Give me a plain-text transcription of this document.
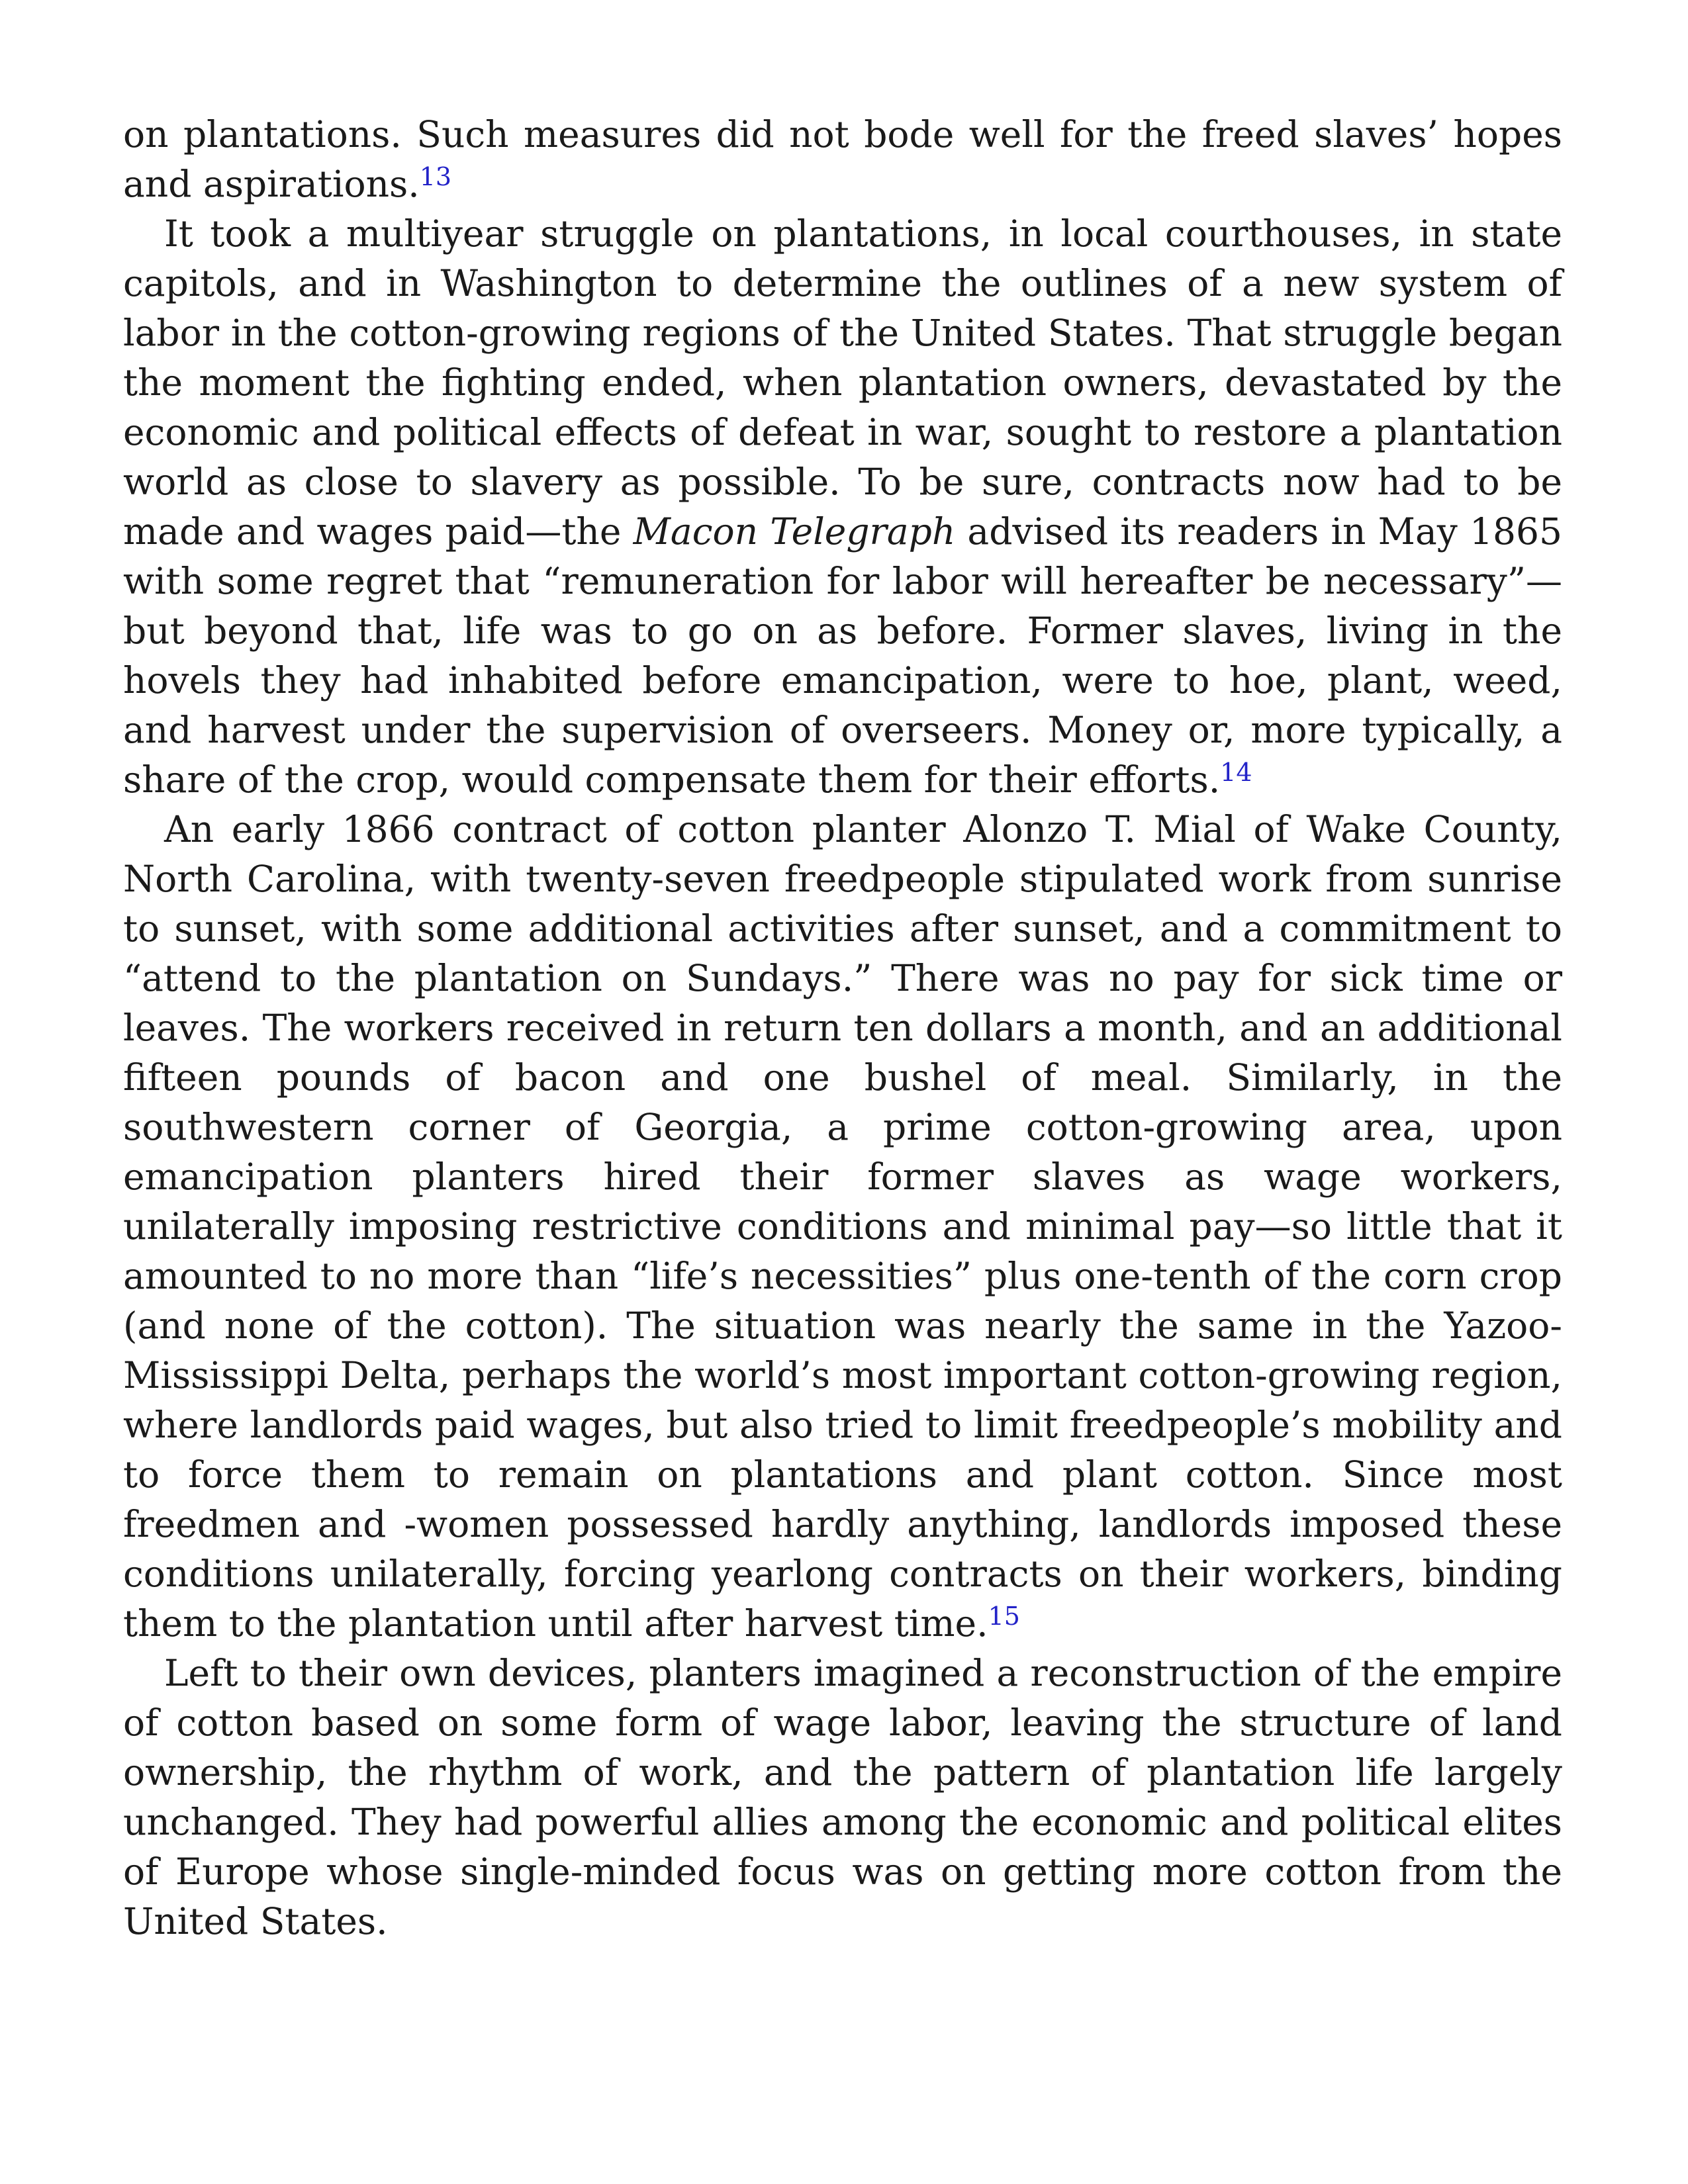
on plantations. Such measures did not bode well for the freed slaves’ hopes and aspirations.$^{13}$

It took a multiyear struggle on plantations, in local courthouses, in state capitols, and in Washington to determine the outlines of a new system of labor in the cotton-growing regions of the United States. That struggle began the moment the fighting ended, when plantation owners, devastated by the economic and political effects of defeat in war, sought to restore a plantation world as close to slavery as possible. To be sure, contracts now had to be made and wages paid—the Macon Telegraph advised its readers in May 1865 with some regret that “remuneration for labor will hereafter be necessary”—but beyond that, life was to go on as before. Former slaves, living in the hovels they had inhabited before emancipation, were to hoe, plant, weed, and harvest under the supervision of overseers. Money or, more typically, a share of the crop, would compensate them for their efforts.$^{14}$

An early 1866 contract of cotton planter Alonzo T. Mial of Wake County, North Carolina, with twenty-seven freedpeople stipulated work from sunrise to sunset, with some additional activities after sunset, and a commitment to “attend to the plantation on Sundays.” There was no pay for sick time or leaves. The workers received in return ten dollars a month, and an additional fifteen pounds of bacon and one bushel of meal. Similarly, in the southwestern corner of Georgia, a prime cotton-growing area, upon emancipation planters hired their former slaves as wage workers, unilaterally imposing restrictive conditions and minimal pay—so little that it amounted to no more than “life’s necessities” plus one-tenth of the corn crop (and none of the cotton). The situation was nearly the same in the Yazoo-Mississippi Delta, perhaps the world’s most important cotton-growing region, where landlords paid wages, but also tried to limit freedpeople’s mobility and to force them to remain on plantations and plant cotton. Since most freedmen and -women possessed hardly anything, landlords imposed these conditions unilaterally, forcing yearlong contracts on their workers, binding them to the plantation until after harvest time.$^{15}$

Left to their own devices, planters imagined a reconstruction of the empire of cotton based on some form of wage labor, leaving the structure of land ownership, the rhythm of work, and the pattern of plantation life largely unchanged. They had powerful allies among the economic and political elites of Europe whose single-minded focus was on getting more cotton from the United States.
